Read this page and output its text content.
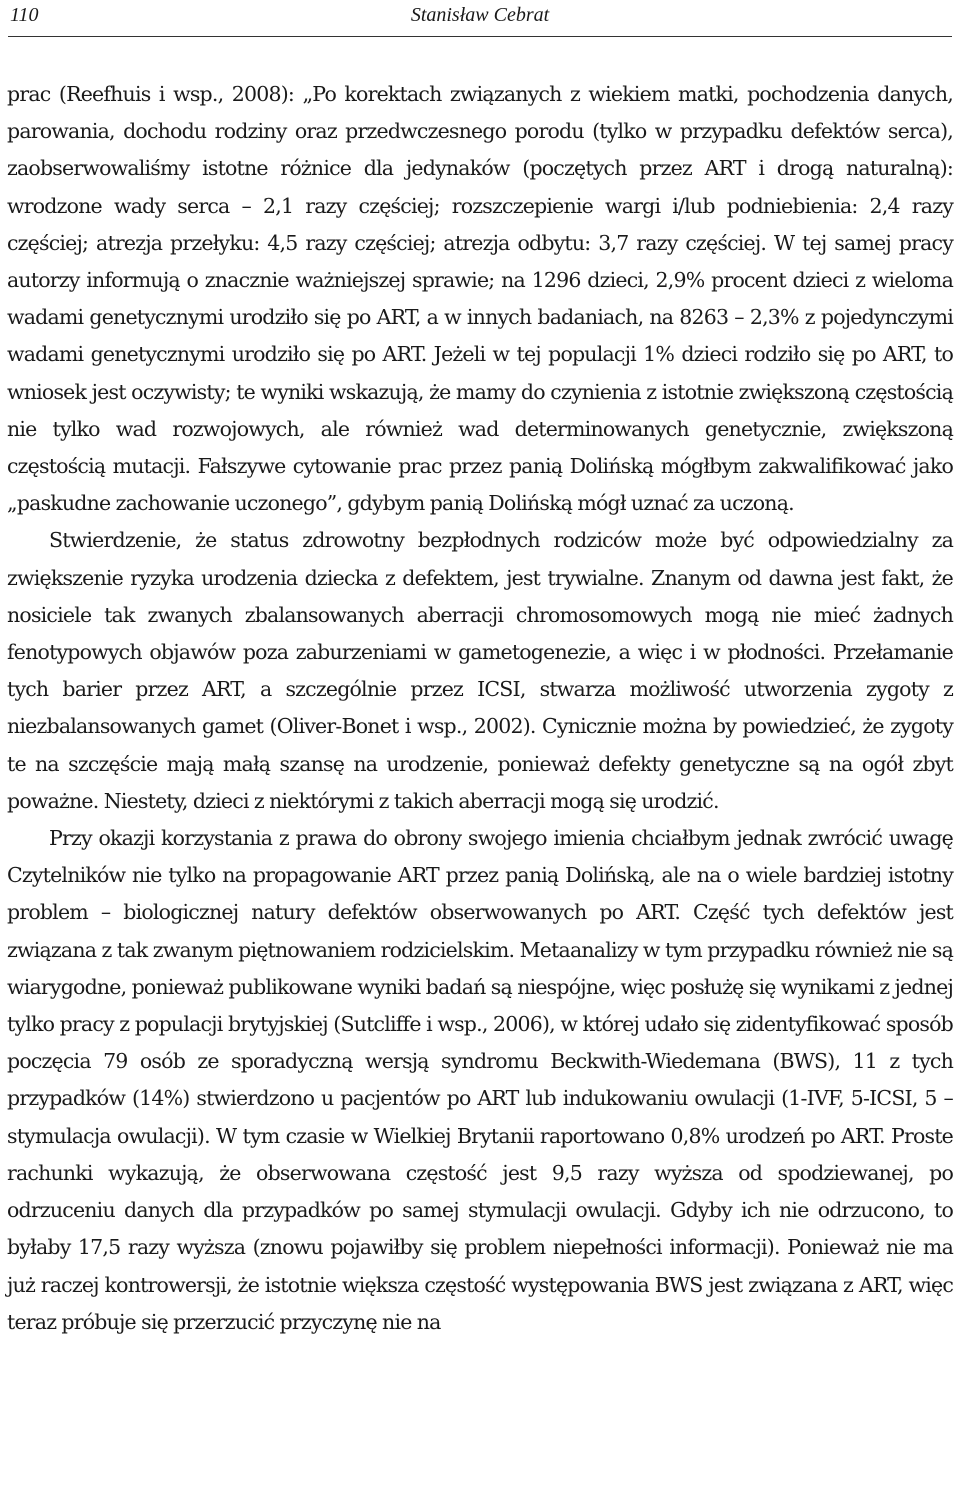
110	Stanisław Cebrat

prac (Reefhuis i wsp., 2008): „Po korektach związanych z wiekiem matki, pochodzenia danych, parowania, dochodu rodziny oraz przedwczesnego porodu (tylko w przypadku defektów serca), zaobserwowaliśmy istotne różnice dla jedynaków (poczętych przez ART i drogą naturalną): wrodzone wady serca – 2,1 razy częściej; rozszczepienie wargi i/lub podniebienia: 2,4 razy częściej; atrezja przełyku: 4,5 razy częściej; atrezja odbytu: 3,7 razy częściej. W tej samej pracy autorzy informują o znacznie ważniejszej sprawie; na 1296 dzieci, 2,9% procent dzieci z wieloma wadami genetycznymi urodziło się po ART, a w innych badaniach, na 8263 – 2,3% z pojedynczymi wadami genetycznymi urodziło się po ART. Jeżeli w tej populacji 1% dzieci rodziło się po ART, to wniosek jest oczywisty; te wyniki wskazują, że mamy do czynienia z istotnie zwiększoną częstością nie tylko wad rozwojowych, ale również wad determinowanych genetycznie, zwiększoną częstością mutacji. Fałszywe cytowanie prac przez panią Dolińską mógłbym zakwalifikować jako „paskudne zachowanie uczonego”, gdybym panią Dolińską mógł uznać za uczoną.

Stwierdzenie, że status zdrowotny bezpłodnych rodziców może być odpowiedzialny za zwiększenie ryzyka urodzenia dziecka z defektem, jest trywialne. Znanym od dawna jest fakt, że nosiciele tak zwanych zbalansowanych aberracji chromosomowych mogą nie mieć żadnych fenotypowych objawów poza zaburzeniami w gametogenezie, a więc i w płodności. Przełamanie tych barier przez ART, a szczególnie przez ICSI, stwarza możliwość utworzenia zygoty z niezbalansowanych gamet (Oliver-Bonet i wsp., 2002). Cynicznie można by powiedzieć, że zygoty te na szczęście mają małą szansę na urodzenie, ponieważ defekty genetyczne są na ogół zbyt poważne. Niestety, dzieci z niektórymi z takich aberracji mogą się urodzić.

Przy okazji korzystania z prawa do obrony swojego imienia chciałbym jednak zwrócić uwagę Czytelników nie tylko na propagowanie ART przez panią Dolińską, ale na o wiele bardziej istotny problem – biologicznej natury defektów obserwowanych po ART. Część tych defektów jest związana z tak zwanym piętnowaniem rodzicielskim. Metaanalizy w tym przypadku również nie są wiarygodne, ponieważ publikowane wyniki badań są niespójne, więc posłużę się wynikami z jednej tylko pracy z populacji brytyjskiej (Sutcliffe i wsp., 2006), w której udało się zidentyfikować sposób poczęcia 79 osób ze sporadyczną wersją syndromu Beckwith-Wiedemana (BWS), 11 z tych przypadków (14%) stwierdzono u pacjentów po ART lub indukowaniu owulacji (1-IVF, 5-ICSI, 5 – stymulacja owulacji). W tym czasie w Wielkiej Brytanii raportowano 0,8% urodzeń po ART. Proste rachunki wykazują, że obserwowana częstość jest 9,5 razy wyższa od spodziewanej, po odrzuceniu danych dla przypadków po samej stymulacji owulacji. Gdyby ich nie odrzucono, to byłaby 17,5 razy wyższa (znowu pojawiłby się problem niepełności informacji). Ponieważ nie ma już raczej kontrowersji, że istotnie większa częstość występowania BWS jest związana z ART, więc teraz próbuje się przerzucić przyczynę nie na
